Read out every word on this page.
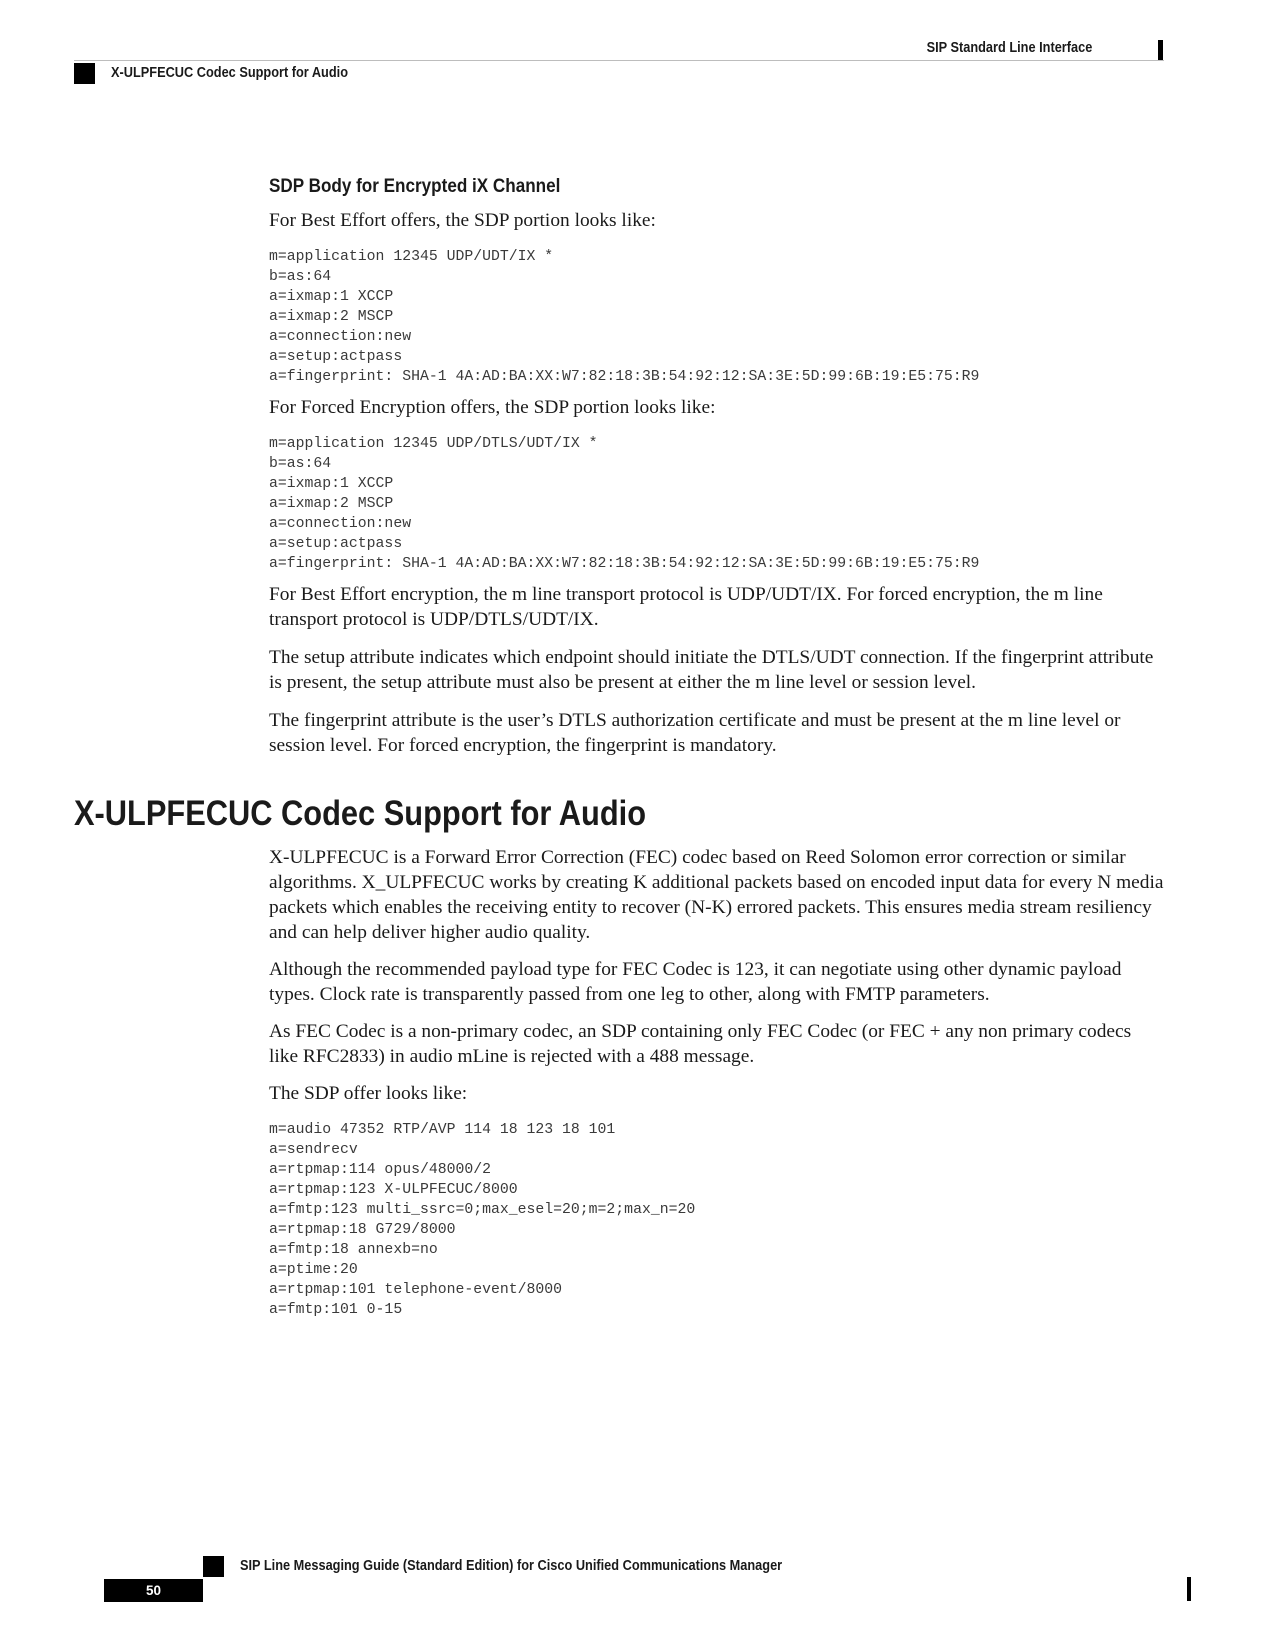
SIP Standard Line Interface
X-ULPFECUC Codec Support for Audio
SDP Body for Encrypted iX Channel

For Best Effort offers, the SDP portion looks like:

m=application 12345 UDP/UDT/IX *
b=as:64
a=ixmap:1 XCCP
a=ixmap:2 MSCP
a=connection:new
a=setup:actpass
a=fingerprint: SHA-1 4A:AD:BA:XX:W7:82:18:3B:54:92:12:SA:3E:5D:99:6B:19:E5:75:R9

For Forced Encryption offers, the SDP portion looks like:

m=application 12345 UDP/DTLS/UDT/IX *
b=as:64
a=ixmap:1 XCCP
a=ixmap:2 MSCP
a=connection:new
a=setup:actpass
a=fingerprint: SHA-1 4A:AD:BA:XX:W7:82:18:3B:54:92:12:SA:3E:5D:99:6B:19:E5:75:R9

For Best Effort encryption, the m line transport protocol is UDP/UDT/IX. For forced encryption, the m line transport protocol is UDP/DTLS/UDT/IX.

The setup attribute indicates which endpoint should initiate the DTLS/UDT connection. If the fingerprint attribute is present, the setup attribute must also be present at either the m line level or session level.

The fingerprint attribute is the user’s DTLS authorization certificate and must be present at the m line level or session level. For forced encryption, the fingerprint is mandatory.

X-ULPFECUC Codec Support for Audio

X-ULPFECUC is a Forward Error Correction (FEC) codec based on Reed Solomon error correction or similar algorithms. X_ULPFECUC works by creating K additional packets based on encoded input data for every N media packets which enables the receiving entity to recover (N-K) errored packets. This ensures media stream resiliency and can help deliver higher audio quality.

Although the recommended payload type for FEC Codec is 123, it can negotiate using other dynamic payload types. Clock rate is transparently passed from one leg to other, along with FMTP parameters.

As FEC Codec is a non-primary codec, an SDP containing only FEC Codec (or FEC + any non primary codecs like RFC2833) in audio mLine is rejected with a 488 message.

The SDP offer looks like:

m=audio 47352 RTP/AVP 114 18 123 18 101
a=sendrecv
a=rtpmap:114 opus/48000/2
a=rtpmap:123 X-ULPFECUC/8000
a=fmtp:123 multi_ssrc=0;max_esel=20;m=2;max_n=20
a=rtpmap:18 G729/8000
a=fmtp:18 annexb=no
a=ptime:20
a=rtpmap:101 telephone-event/8000
a=fmtp:101 0-15
SIP Line Messaging Guide (Standard Edition) for Cisco Unified Communications Manager
50
